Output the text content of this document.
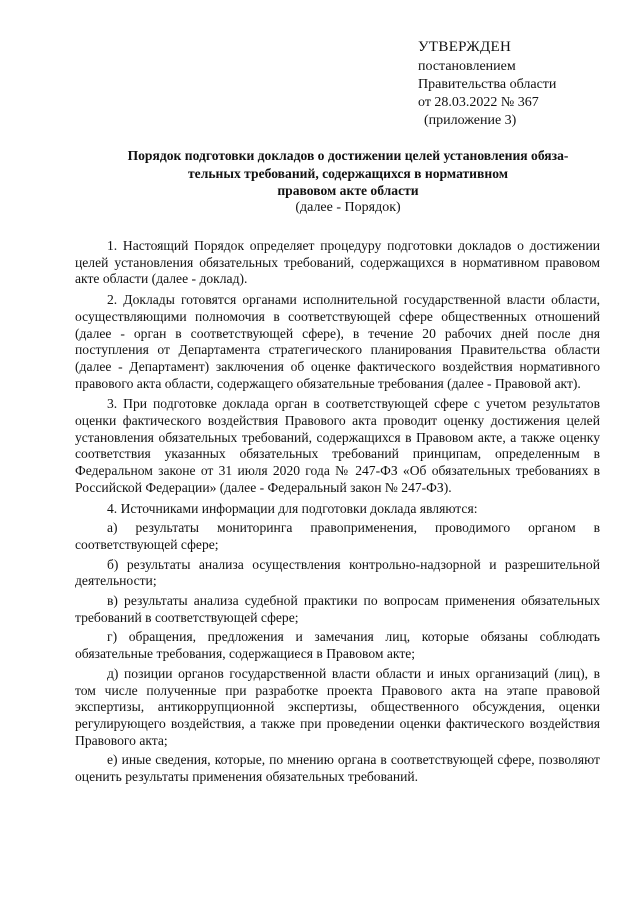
УТВЕРЖДЕН
постановлением
Правительства области
от 28.03.2022 № 367
(приложение 3)
Порядок подготовки докладов о достижении целей установления обяза-
тельных требований, содержащихся в нормативном
правовом акте области
(далее - Порядок)

1. Настоящий Порядок определяет процедуру подготовки докладов о достижении целей установления обязательных требований, содержащихся в нормативном правовом акте области (далее - доклад).

2. Доклады готовятся органами исполнительной государственной власти области, осуществляющими полномочия в соответствующей сфере общественных отношений (далее - орган в соответствующей сфере), в течение 20 рабочих дней после дня поступления от Департамента стратегического планирования Правительства области (далее - Департамент) заключения об оценке фактического воздействия нормативного правового акта области, содержащего обязательные требования (далее - Правовой акт).

3. При подготовке доклада орган в соответствующей сфере с учетом результатов оценки фактического воздействия Правового акта проводит оценку достижения целей установления обязательных требований, содержащихся в Правовом акте, а также оценку соответствия указанных обязательных требований принципам, определенным в Федеральном законе от 31 июля 2020 года № 247-ФЗ «Об обязательных требованиях в Российской Федерации» (далее - Федеральный закон № 247-ФЗ).

4. Источниками информации для подготовки доклада являются:

а) результаты мониторинга правоприменения, проводимого органом в соответствующей сфере;

б) результаты анализа осуществления контрольно-надзорной и разрешительной деятельности;

в) результаты анализа судебной практики по вопросам применения обязательных требований в соответствующей сфере;

г) обращения, предложения и замечания лиц, которые обязаны соблюдать обязательные требования, содержащиеся в Правовом акте;

д) позиции органов государственной власти области и иных организаций (лиц), в том числе полученные при разработке проекта Правового акта на этапе правовой экспертизы, антикоррупционной экспертизы, общественного обсуждения, оценки регулирующего воздействия, а также при проведении оценки фактического воздействия Правового акта;

е) иные сведения, которые, по мнению органа в соответствующей сфере, позволяют оценить результаты применения обязательных требований.
